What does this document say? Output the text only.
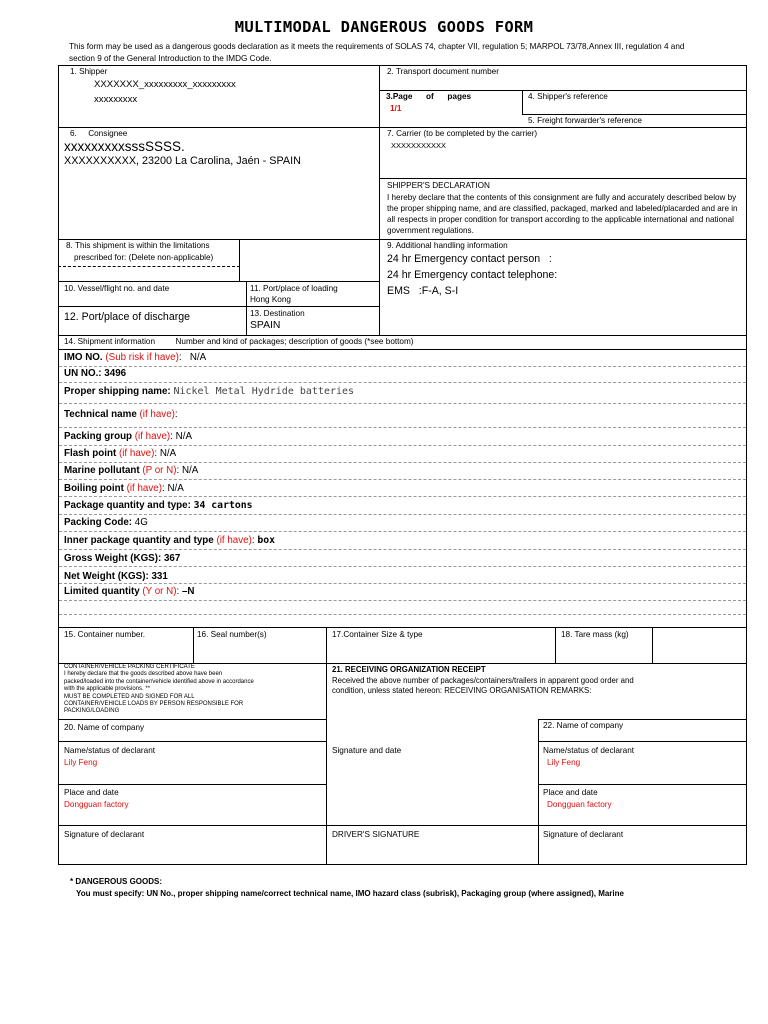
MULTIMODAL DANGEROUS GOODS FORM
This form may be used as a dangerous goods declaration as it meets the requirements of SOLAS 74, chapter VII, regulation 5; MARPOL 73/78,Annex III, regulation 4 and section 9 of the General Introduction to the IMDG Code.
1. Shipper
XXXXXXX_xxxxxxxxx_xxxxxxxxx
xxxxxxxxx
2. Transport document number
3.Page      of      pages
1/1
4. Shipper's reference
5. Freight forwarder's reference
6.     Consignee
xxxxxxxxxsssSSSS.
XXXXXXXXXX, 23200 La Carolina, Jaén - SPAIN
7. Carrier (to be completed by the carrier)
XXXXXXXXXXX
SHIPPER'S DECLARATION
I hereby declare that the contents of this consignment are fully and accurately described below by the proper shipping name, and are classified, packaged, marked and labeled/placarded and are in all respects in proper condition for transport according to the applicable international and national government regulations.
8. This shipment is within the limitations
prescribed for: (Delete non-applicable)
9. Additional handling information
24 hr Emergency contact person   :
24 hr Emergency contact telephone:
EMS   :F-A, S-I
10. Vessel/flight no. and date	11. Port/place of loading
Hong Kong
12. Port/place of discharge	13. Destination
SPAIN
14. Shipment information         Number and kind of packages; description of goods (*see bottom)
IMO NO. (Sub risk if have): N/A
UN NO.: 3496
Proper shipping name: Nickel Metal Hydride batteries
Technical name (if have):
Packing group (if have): N/A
Flash point (if have): N/A
Marine pollutant (P or N): N/A
Boiling point (if have): N/A
Package quantity and type: 34 cartons
Packing Code: 4G
Inner package quantity and type (if have): box
Gross Weight (KGS): 367
Net Weight (KGS): 331
Limited quantity (Y or N): –N
15. Container number.	16. Seal number(s)	17.Container Size & type	18. Tare mass (kg)
CONTAINER/VEHICLE PACKING CERTIFICATE
I hereby declare that the goods described above have been packed/loaded into the container/vehicle identified above in accordance with the applicable provisions. **
MUST BE COMPLETED AND SIGNED FOR ALL CONTAINER/VEHICLE LOADS BY PERSON RESPONSIBLE FOR PACKING/LOADING
21. RECEIVING ORGANIZATION RECEIPT
Received the above number of packages/containers/trailers in apparent good order and condition, unless stated hereon: RECEIVING ORGANISATION REMARKS:
20. Name of company
Name/status of declarant
Lily Feng
Place and date
Dongguan factory
Signature of declarant
Signature and date
DRIVER'S SIGNATURE
22. Name of company
Name/status of declarant
Lily Feng
Place and date
Dongguan factory
Signature of declarant
* DANGEROUS GOODS:
You must specify: UN No., proper shipping name/correct technical name, IMO hazard class (subrisk), Packaging group (where assigned), Marine
